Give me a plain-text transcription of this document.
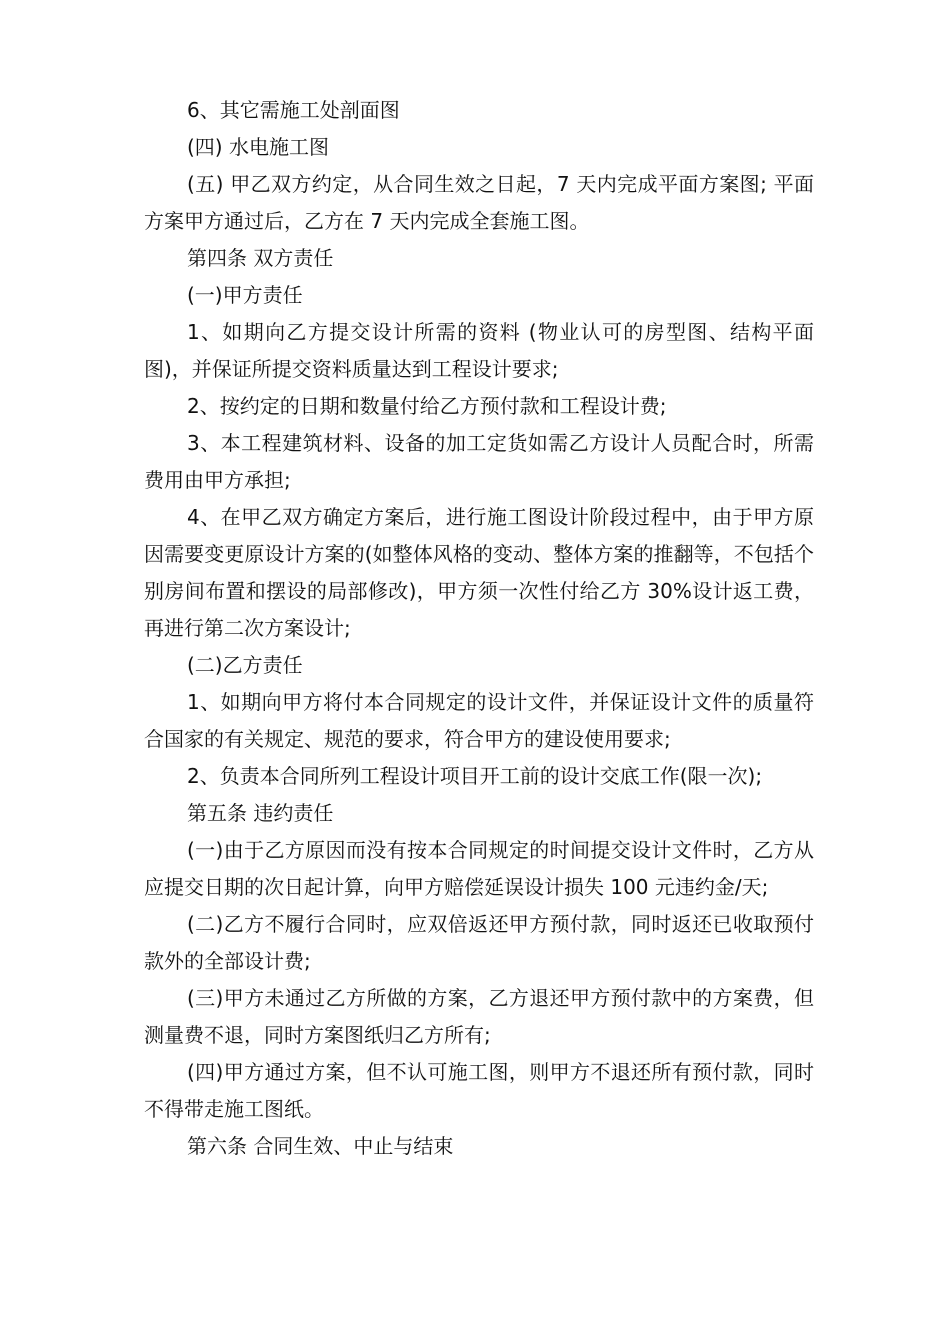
6、其它需施工处剖面图

(四) 水电施工图

(五) 甲乙双方约定，从合同生效之日起，7 天内完成平面方案图; 平面方案甲方通过后，乙方在 7 天内完成全套施工图。

第四条 双方责任

(一)甲方责任

1、如期向乙方提交设计所需的资料 (物业认可的房型图、结构平面图)，并保证所提交资料质量达到工程设计要求;

2、按约定的日期和数量付给乙方预付款和工程设计费;

3、本工程建筑材料、设备的加工定货如需乙方设计人员配合时，所需费用由甲方承担;

4、在甲乙双方确定方案后，进行施工图设计阶段过程中，由于甲方原因需要变更原设计方案的(如整体风格的变动、整体方案的推翻等，不包括个别房间布置和摆设的局部修改)，甲方须一次性付给乙方 30%设计返工费，再进行第二次方案设计;

(二)乙方责任

1、如期向甲方将付本合同规定的设计文件，并保证设计文件的质量符合国家的有关规定、规范的要求，符合甲方的建设使用要求;

2、负责本合同所列工程设计项目开工前的设计交底工作(限一次);

第五条 违约责任

(一)由于乙方原因而没有按本合同规定的时间提交设计文件时，乙方从应提交日期的次日起计算，向甲方赔偿延误设计损失 100 元违约金/天;

(二)乙方不履行合同时，应双倍返还甲方预付款，同时返还已收取预付款外的全部设计费;

(三)甲方未通过乙方所做的方案，乙方退还甲方预付款中的方案费，但测量费不退，同时方案图纸归乙方所有;

(四)甲方通过方案，但不认可施工图，则甲方不退还所有预付款，同时不得带走施工图纸。

第六条 合同生效、中止与结束
